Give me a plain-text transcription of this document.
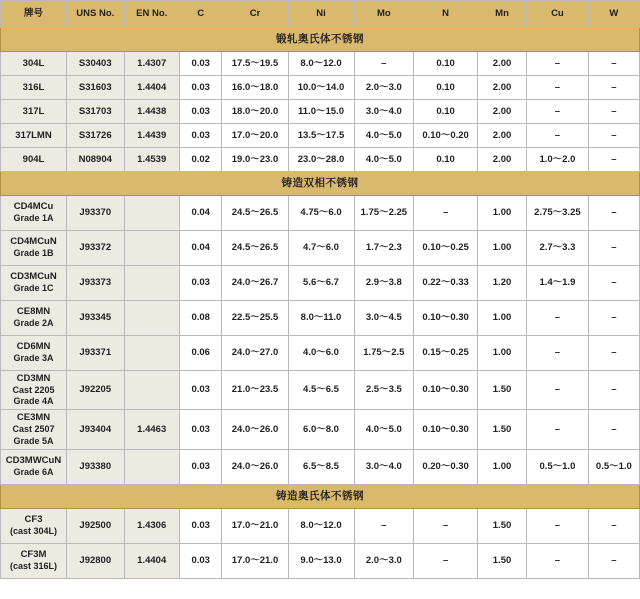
牌号	UNS No.	EN No.	C	Cr	Ni	Mo	N	Mn	Cu	W
锻轧奥氏体不锈钢										
304L	S30403	1.4307	0.03	17.5～19.5	8.0～12.0	–	0.10	2.00	–	–
316L	S31603	1.4404	0.03	16.0～18.0	10.0～14.0	2.0～3.0	0.10	2.00	–	–
317L	S31703	1.4438	0.03	18.0～20.0	11.0～15.0	3.0～4.0	0.10	2.00	–	–
317LMN	S31726	1.4439	0.03	17.0～20.0	13.5～17.5	4.0～5.0	0.10～0.20	2.00	–	–
904L	N08904	1.4539	0.02	19.0～23.0	23.0～28.0	4.0～5.0	0.10	2.00	1.0～2.0	–
铸造双相不锈钢										
CD4MCu
Grade 1A	J93370		0.04	24.5～26.5	4.75～6.0	1.75～2.25	–	1.00	2.75～3.25	–
CD4MCuN
Grade 1B	J93372		0.04	24.5～26.5	4.7～6.0	1.7～2.3	0.10～0.25	1.00	2.7～3.3	–
CD3MCuN
Grade 1C	J93373		0.03	24.0～26.7	5.6～6.7	2.9～3.8	0.22～0.33	1.20	1.4～1.9	–
CE8MN
Grade 2A	J93345		0.08	22.5～25.5	8.0～11.0	3.0～4.5	0.10～0.30	1.00	–	–
CD6MN
Grade 3A	J93371		0.06	24.0～27.0	4.0～6.0	1.75～2.5	0.15～0.25	1.00	–	–
CD3MN
Cast 2205
Grade 4A	J92205		0.03	21.0～23.5	4.5～6.5	2.5～3.5	0.10～0.30	1.50	–	–
CE3MN
Cast 2507
Grade 5A	J93404	1.4463	0.03	24.0～26.0	6.0～8.0	4.0～5.0	0.10～0.30	1.50	–	–
CD3MWCuN
Grade 6A	J93380		0.03	24.0～26.0	6.5～8.5	3.0～4.0	0.20～0.30	1.00	0.5～1.0	0.5～1.0
铸造奥氏体不锈钢										
CF3
(cast 304L)	J92500	1.4306	0.03	17.0～21.0	8.0～12.0	–	–	1.50	–	–
CF3M
(cast 316L)	J92800	1.4404	0.03	17.0～21.0	9.0～13.0	2.0～3.0	–	1.50	–	–
